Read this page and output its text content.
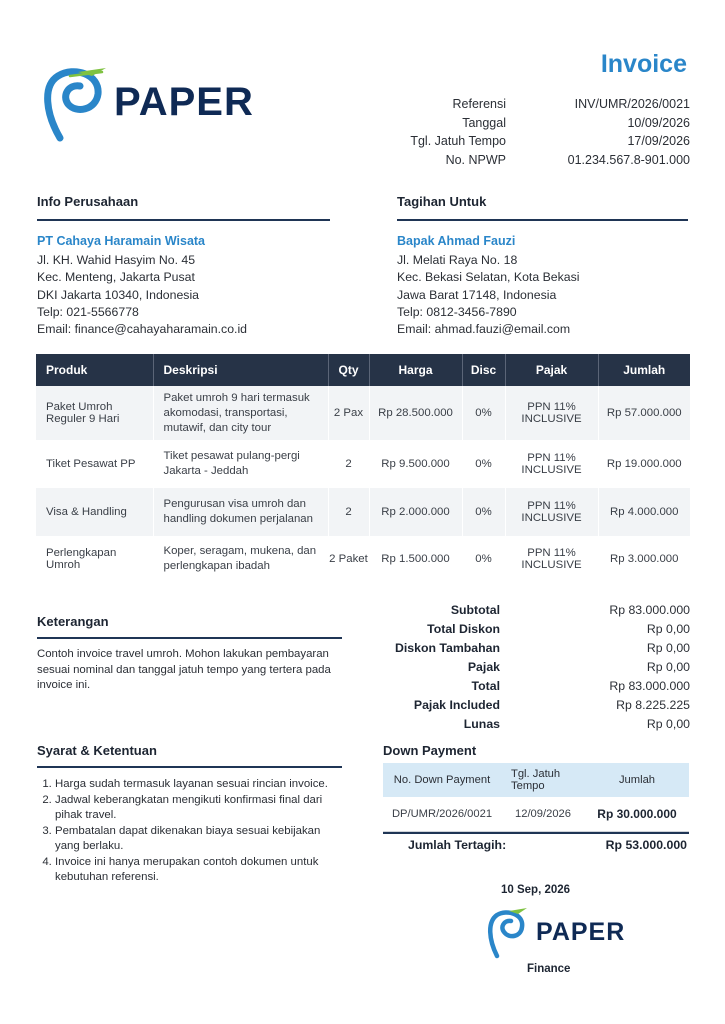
PAPER
Invoice
Referensi	INV/UMR/2026/0021
Tanggal	10/09/2026
Tgl. Jatuh Tempo	17/09/2026
No. NPWP	01.234.567.8-901.000
Info Perusahaan
PT Cahaya Haramain Wisata
Jl. KH. Wahid Hasyim No. 45
Kec. Menteng, Jakarta Pusat
DKI Jakarta 10340, Indonesia
Telp: 021-5566778
Email: finance@cahayaharamain.co.id
Tagihan Untuk
Bapak Ahmad Fauzi
Jl. Melati Raya No. 18
Kec. Bekasi Selatan, Kota Bekasi
Jawa Barat 17148, Indonesia
Telp: 0812-3456-7890
Email: ahmad.fauzi@email.com
Produk	Deskripsi	Qty	Harga	Disc	Pajak	Jumlah
Paket Umroh Reguler 9 Hari	Paket umroh 9 hari termasuk akomodasi, transportasi, mutawif, dan city tour	2 Pax	Rp 28.500.000	0%	PPN 11% INCLUSIVE	Rp 57.000.000
Tiket Pesawat PP	Tiket pesawat pulang-pergi Jakarta - Jeddah	2	Rp 9.500.000	0%	PPN 11% INCLUSIVE	Rp 19.000.000
Visa & Handling	Pengurusan visa umroh dan handling dokumen perjalanan	2	Rp 2.000.000	0%	PPN 11% INCLUSIVE	Rp 4.000.000
Perlengkapan Umroh	Koper, seragam, mukena, dan perlengkapan ibadah	2 Paket	Rp 1.500.000	0%	PPN 11% INCLUSIVE	Rp 3.000.000
Keterangan
Contoh invoice travel umroh. Mohon lakukan pembayaran sesuai nominal dan tanggal jatuh tempo yang tertera pada invoice ini.
Subtotal	Rp 83.000.000
Total Diskon	Rp 0,00
Diskon Tambahan	Rp 0,00
Pajak	Rp 0,00
Total	Rp 83.000.000
Pajak Included	Rp 8.225.225
Lunas	Rp 0,00
Syarat & Ketentuan
1. Harga sudah termasuk layanan sesuai rincian invoice.
2. Jadwal keberangkatan mengikuti konfirmasi final dari pihak travel.
3. Pembatalan dapat dikenakan biaya sesuai kebijakan yang berlaku.
4. Invoice ini hanya merupakan contoh dokumen untuk kebutuhan referensi.
Down Payment
No. Down Payment	Tgl. Jatuh Tempo	Jumlah
DP/UMR/2026/0021	12/09/2026	Rp 30.000.000
Jumlah Tertagih:	Rp 53.000.000
10 Sep, 2026
PAPER
Finance
